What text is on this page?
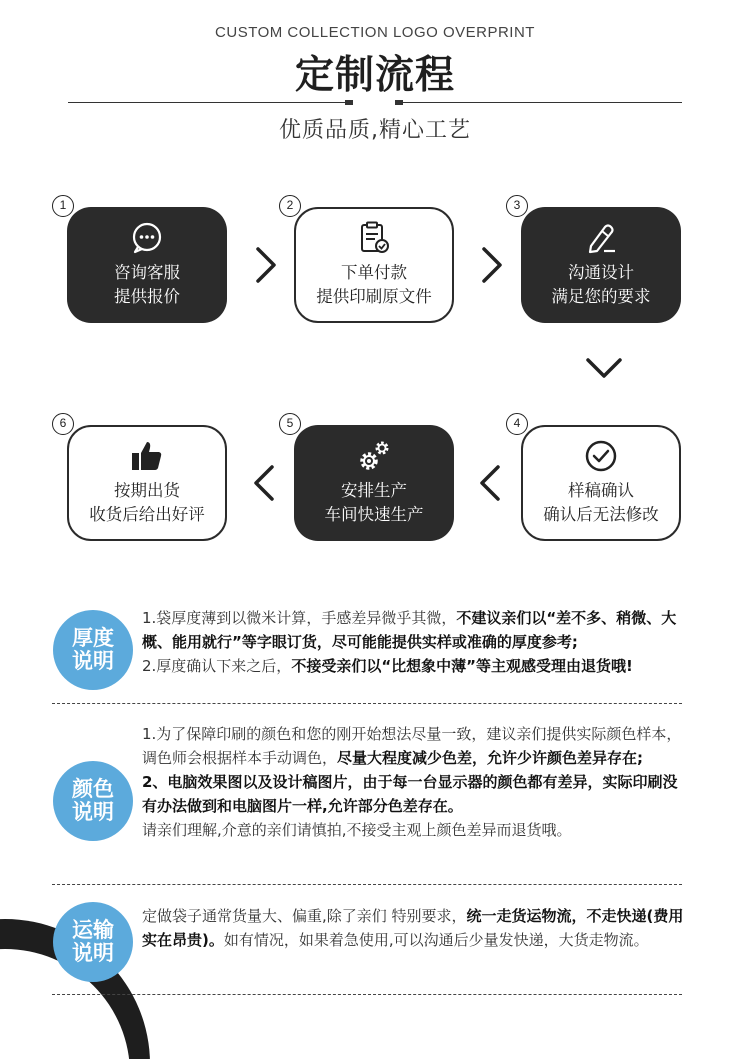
CUSTOM COLLECTION LOGO OVERPRINT
定制流程
优质品质,精心工艺
1
咨询客服
提供报价
2
下单付款
提供印刷原文件
3
沟通设计
满足您的要求
6
按期出货
收货后给出好评
5
安排生产
车间快速生产
4
样稿确认
确认后无法修改
厚度
说明
1.袋厚度薄到以微米计算，手感差异微乎其微，不建议亲们以“差不多、稍微、大概、能用就行”等字眼订货，尽可能能提供实样或准确的厚度参考;
2.厚度确认下来之后，不接受亲们以“比想象中薄”等主观感受理由退货哦!
颜色
说明
1.为了保障印刷的颜色和您的刚开始想法尽量一致，建议亲们提供实际颜色样本，调色师会根据样本手动调色，尽量大程度减少色差，允许少许颜色差异存在;
2、电脑效果图以及设计稿图片，由于每一台显示器的颜色都有差异，实际印刷没有办法做到和电脑图片一样,允许部分色差存在。
请亲们理解,介意的亲们请慎拍,不接受主观上颜色差异而退货哦。
运输
说明
定做袋子通常货量大、偏重,除了亲们 特别要求，统一走货运物流，不走快递(费用实在昂贵)。如有情况，如果着急使用,可以沟通后少量发快递，大货走物流。
